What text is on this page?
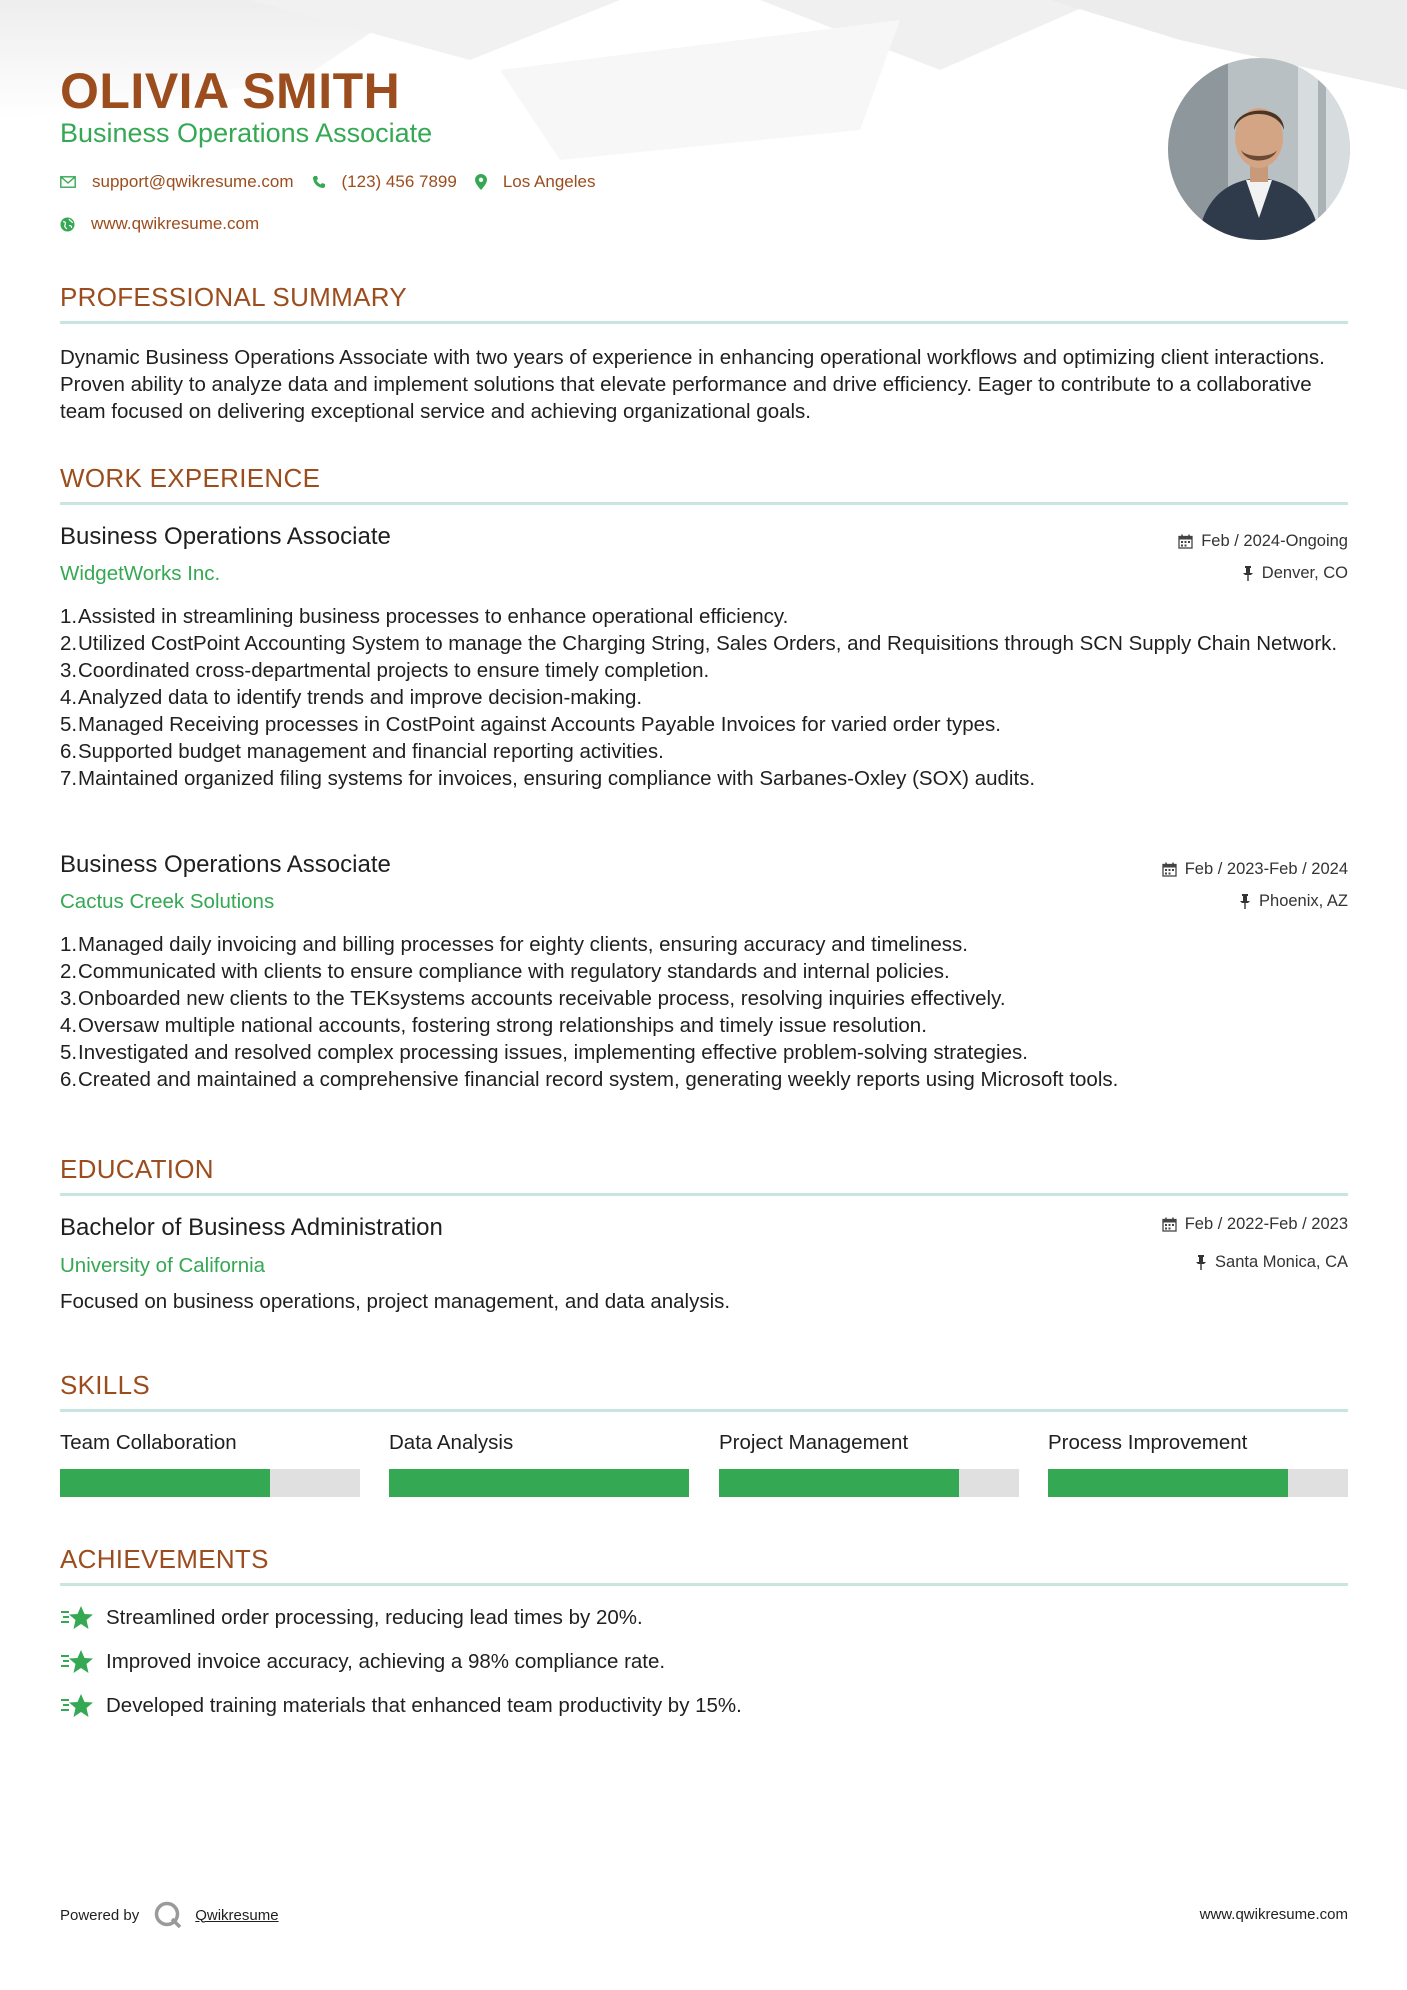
OLIVIA SMITH
Business Operations Associate
support@qwikresume.com	(123) 456 7899	Los Angeles
www.qwikresume.com
PROFESSIONAL SUMMARY
Dynamic Business Operations Associate with two years of experience in enhancing operational workflows and optimizing client interactions. Proven ability to analyze data and implement solutions that elevate performance and drive efficiency. Eager to contribute to a collaborative team focused on delivering exceptional service and achieving organizational goals.
WORK EXPERIENCE
Business Operations Associate
WidgetWorks Inc.
Feb / 2024-Ongoing
Denver, CO
1. Assisted in streamlining business processes to enhance operational efficiency.
2. Utilized CostPoint Accounting System to manage the Charging String, Sales Orders, and Requisitions through SCN Supply Chain Network.
3. Coordinated cross-departmental projects to ensure timely completion.
4. Analyzed data to identify trends and improve decision-making.
5. Managed Receiving processes in CostPoint against Accounts Payable Invoices for varied order types.
6. Supported budget management and financial reporting activities.
7. Maintained organized filing systems for invoices, ensuring compliance with Sarbanes-Oxley (SOX) audits.
Business Operations Associate
Cactus Creek Solutions
Feb / 2023-Feb / 2024
Phoenix, AZ
1. Managed daily invoicing and billing processes for eighty clients, ensuring accuracy and timeliness.
2. Communicated with clients to ensure compliance with regulatory standards and internal policies.
3. Onboarded new clients to the TEKsystems accounts receivable process, resolving inquiries effectively.
4. Oversaw multiple national accounts, fostering strong relationships and timely issue resolution.
5. Investigated and resolved complex processing issues, implementing effective problem-solving strategies.
6. Created and maintained a comprehensive financial record system, generating weekly reports using Microsoft tools.
EDUCATION
Bachelor of Business Administration
University of California
Feb / 2022-Feb / 2023
Santa Monica, CA
Focused on business operations, project management, and data analysis.
SKILLS
Team Collaboration	Data Analysis	Project Management	Process Improvement
ACHIEVEMENTS
Streamlined order processing, reducing lead times by 20%.
Improved invoice accuracy, achieving a 98% compliance rate.
Developed training materials that enhanced team productivity by 15%.
Powered by	Qwikresume	www.qwikresume.com
